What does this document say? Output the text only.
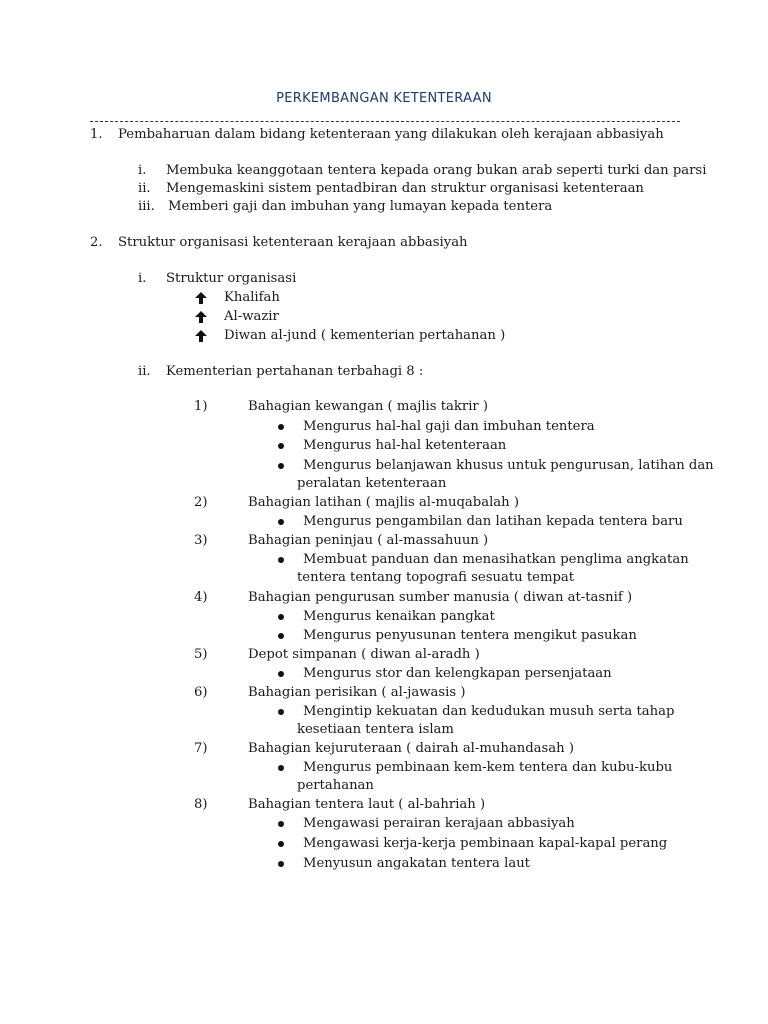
PERKEMBANGAN KETENTERAAN
1. Pembaharuan dalam bidang ketenteraan yang dilakukan oleh kerajaan abbasiyah
i. Membuka keanggotaan tentera kepada orang bukan arab seperti turki dan parsi
ii. Mengemaskini sistem pentadbiran dan struktur organisasi ketenteraan
iii. Memberi gaji dan imbuhan yang lumayan kepada tentera
2. Struktur organisasi ketenteraan kerajaan abbasiyah
i. Struktur organisasi
Khalifah
Al-wazir
Diwan al-jund ( kementerian pertahanan )
ii. Kementerian pertahanan terbahagi 8 :
1)	Bahagian kewangan ( majlis takrir )
Mengurus hal-hal gaji dan imbuhan tentera
Mengurus hal-hal ketenteraan
Mengurus belanjawan khusus untuk pengurusan, latihan dan
peralatan ketenteraan
2)	Bahagian latihan ( majlis al-muqabalah )
Mengurus pengambilan dan latihan kepada tentera baru
3)	Bahagian peninjau ( al-massahuun )
Membuat panduan dan menasihatkan penglima angkatan
tentera tentang topografi sesuatu tempat
4)	Bahagian pengurusan sumber manusia ( diwan at-tasnif )
Mengurus kenaikan pangkat
Mengurus penyusunan tentera mengikut pasukan
5)	Depot simpanan ( diwan al-aradh )
Mengurus stor dan kelengkapan persenjataan
6)	Bahagian perisikan ( al-jawasis )
Mengintip kekuatan dan kedudukan musuh serta tahap
kesetiaan tentera islam
7)	Bahagian kejuruteraan ( dairah al-muhandasah )
Mengurus pembinaan kem-kem tentera dan kubu-kubu
pertahanan
8)	Bahagian tentera laut ( al-bahriah )
Mengawasi perairan kerajaan abbasiyah
Mengawasi kerja-kerja pembinaan kapal-kapal perang
Menyusun angakatan tentera laut
